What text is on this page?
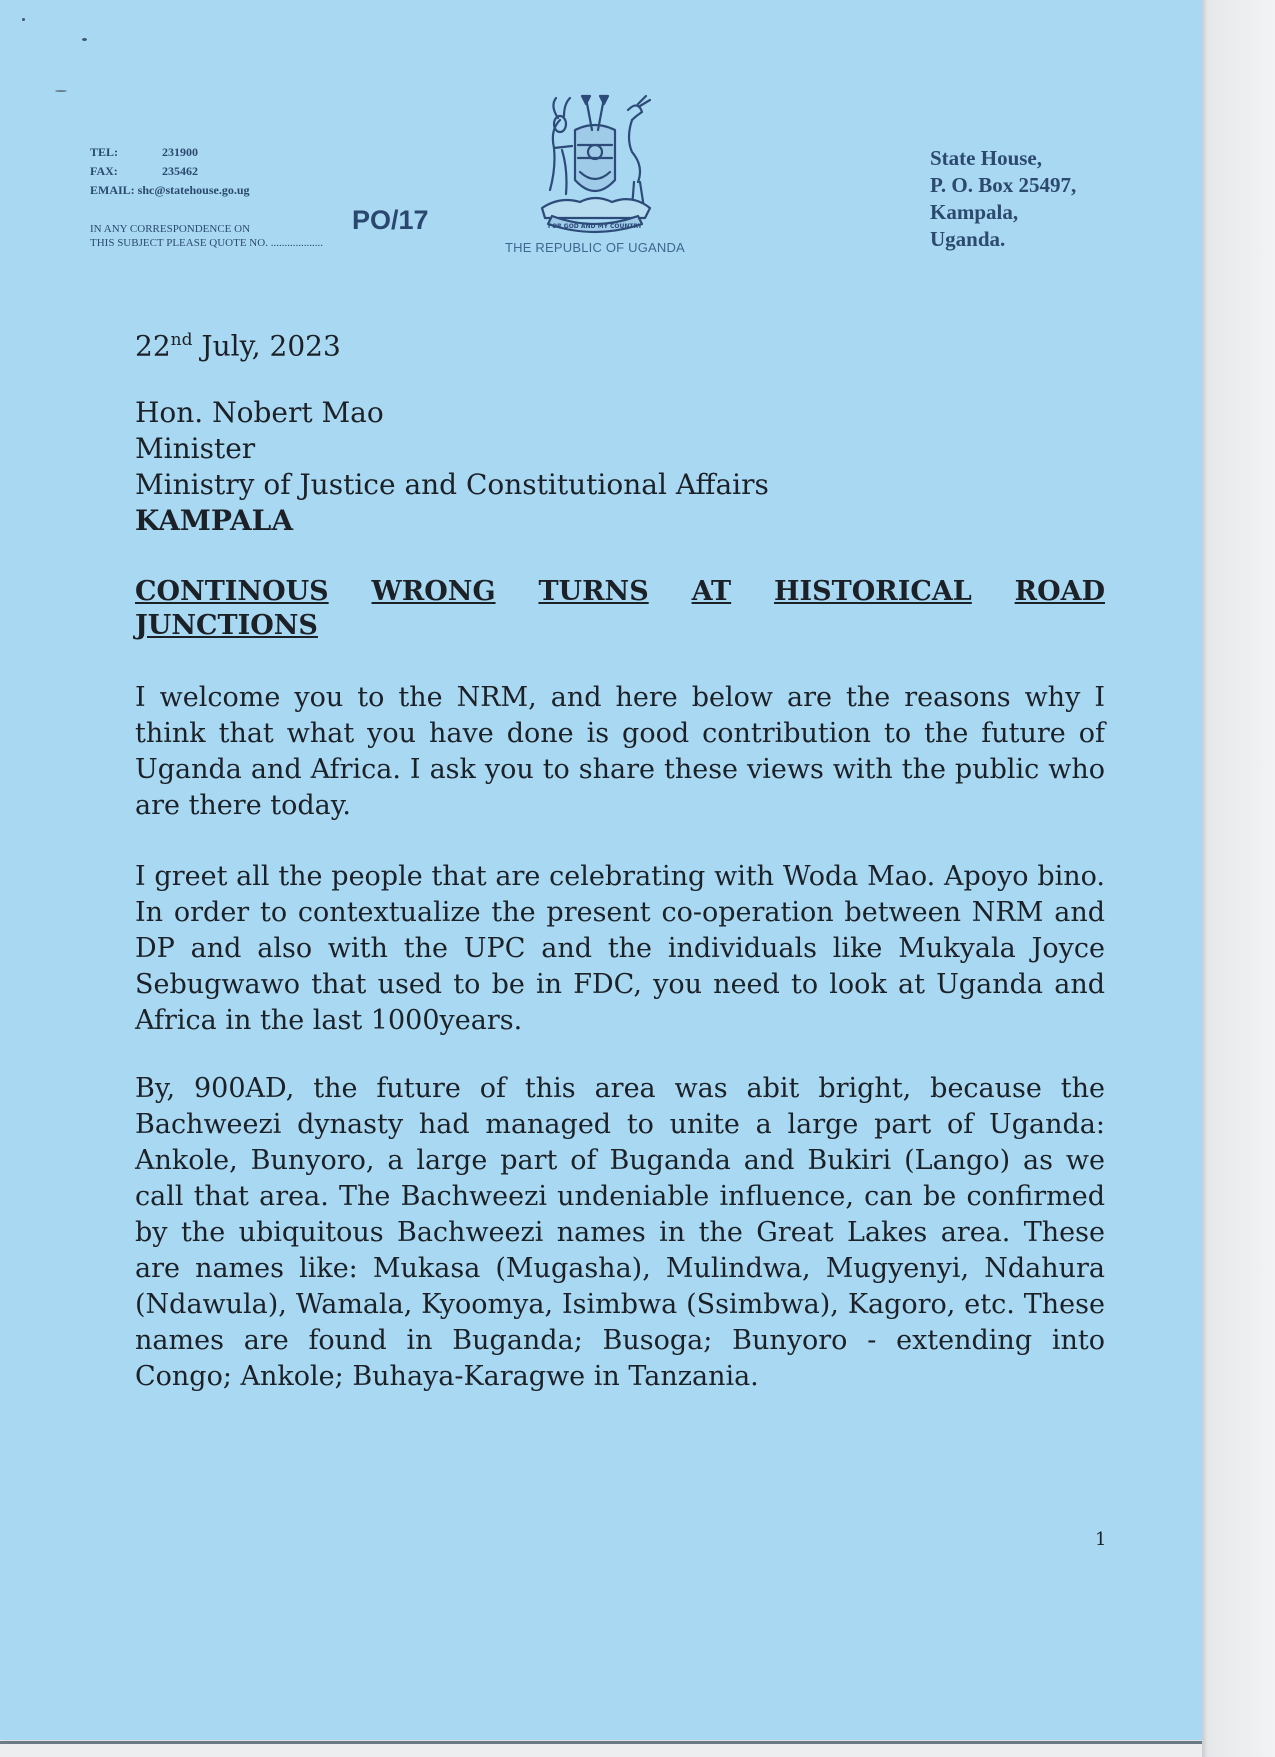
TEL:	231900
FAX:	235462
EMAIL: shc@statehouse.go.ug
IN ANY CORRESPONDENCE ON
THIS SUBJECT PLEASE QUOTE NO. ...................
PO/17	FOR GOD AND MY COUNTRY
THE REPUBLIC OF UGANDA
State House,
P. O. Box 25497,
Kampala,
Uganda.
22nd July, 2023
Hon. Nobert Mao
Minister
Ministry of Justice and Constitutional Affairs
KAMPALA
CONTINOUS WRONG TURNS AT HISTORICAL ROAD
JUNCTIONS

I welcome you to the NRM, and here below are the reasons why I think that what you have done is good contribution to the future of Uganda and Africa. I ask you to share these views with the public who are there today.

I greet all the people that are celebrating with Woda Mao. Apoyo bino. In order to contextualize the present co-operation between NRM and DP and also with the UPC and the individuals like Mukyala Joyce Sebugwawo that used to be in FDC, you need to look at Uganda and Africa in the last 1000years.

By, 900AD, the future of this area was abit bright, because the Bachweezi dynasty had managed to unite a large part of Uganda: Ankole, Bunyoro, a large part of Buganda and Bukiri (Lango) as we call that area. The Bachweezi undeniable influence, can be confirmed by the ubiquitous Bachweezi names in the Great Lakes area. These are names like: Mukasa (Mugasha), Mulindwa, Mugyenyi, Ndahura (Ndawula), Wamala, Kyoomya, Isimbwa (Ssimbwa), Kagoro, etc. These names are found in Buganda; Busoga; Bunyoro - extending into Congo; Ankole; Buhaya-Karagwe in Tanzania.

1
